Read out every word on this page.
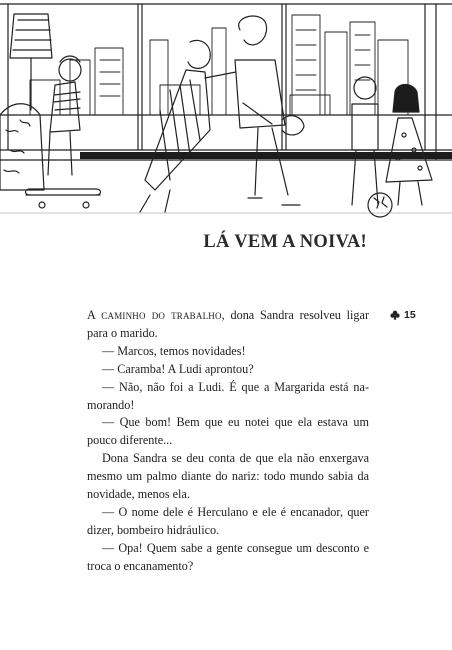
LÁ VEM A NOIVA!

A caminho do trabalho, dona Sandra resolveu ligar para o marido.

— Marcos, temos novidades!

— Caramba! A Ludi aprontou?

— Não, não foi a Ludi. É que a Margarida está namorando!

— Que bom! Bem que eu notei que ela estava um pouco diferente...

Dona Sandra se deu conta de que ela não enxergava mesmo um palmo diante do nariz: todo mundo sabia da novidade, menos ela.

— O nome dele é Herculano e ele é encanador, quer dizer, bombeiro hidráulico.

— Opa! Quem sabe a gente consegue um desconto e troca o encanamento?

15
